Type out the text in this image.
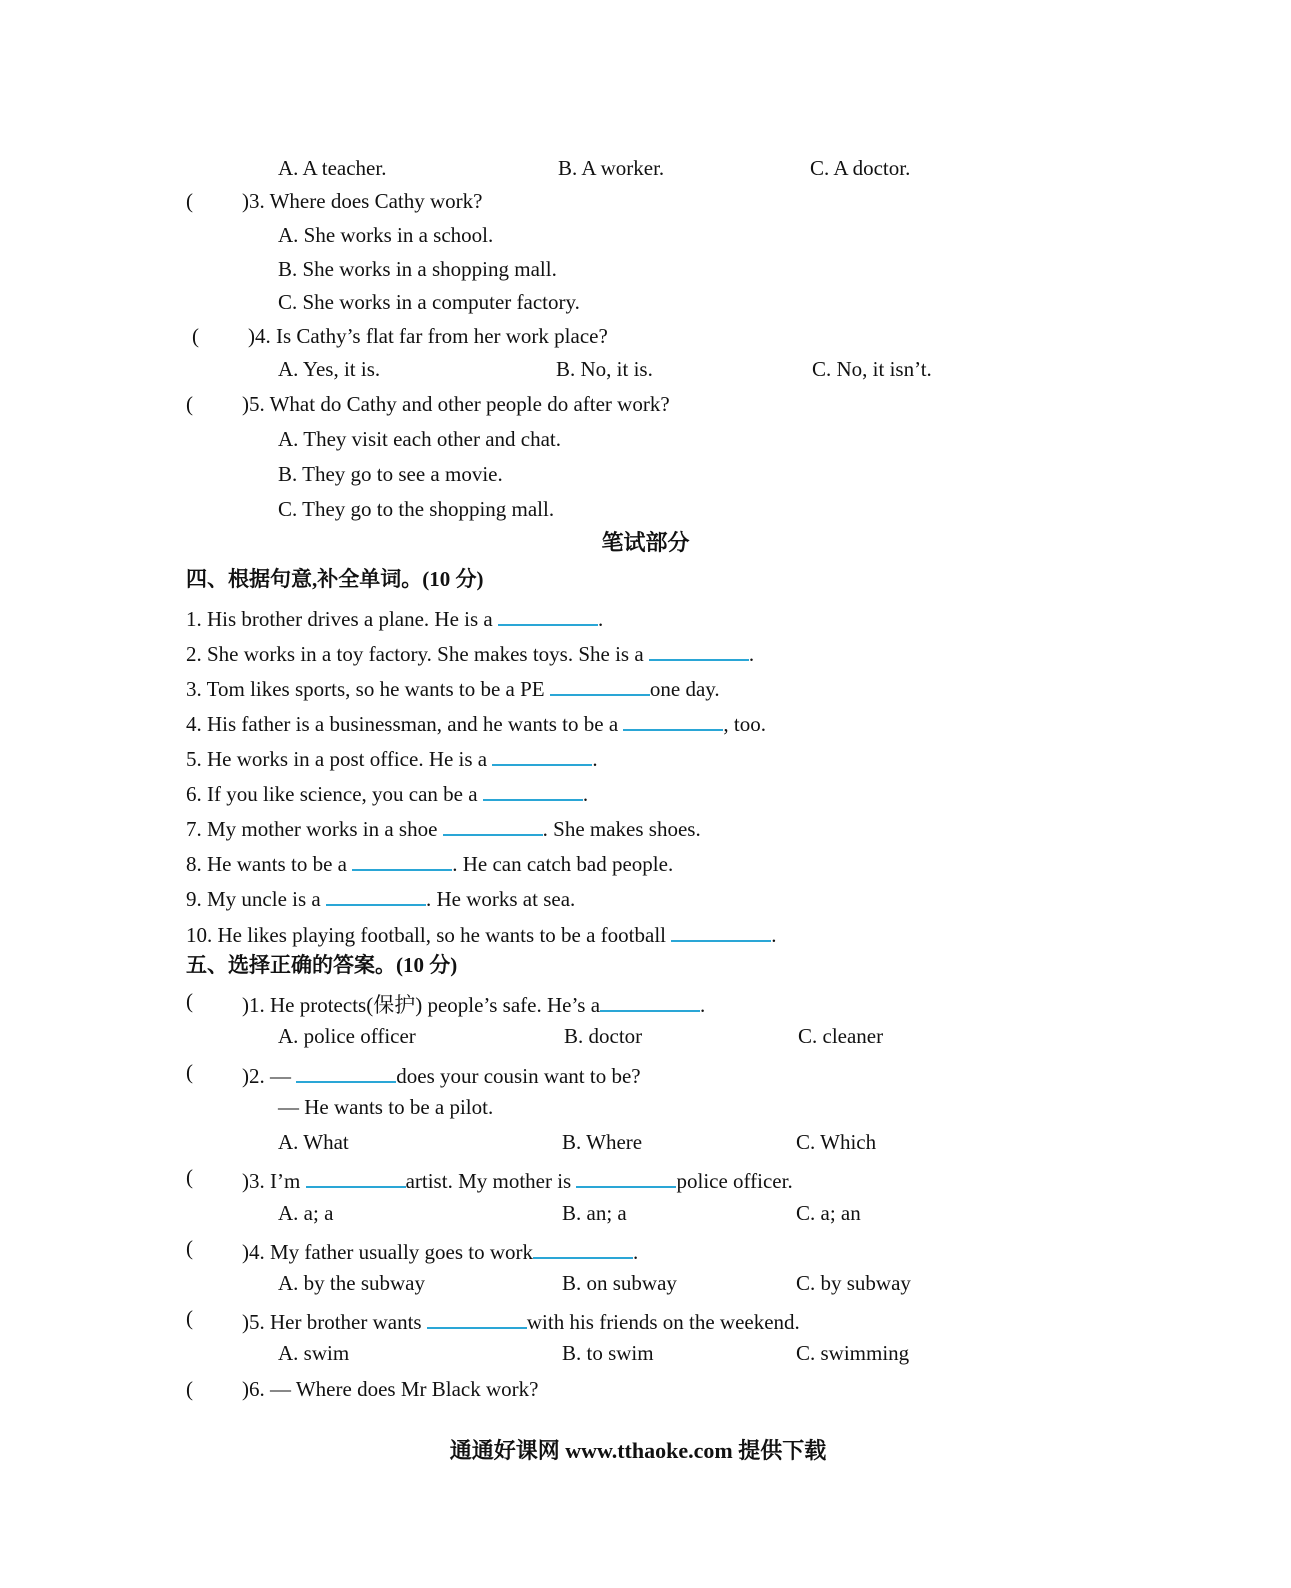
A. A teacher.	B. A worker.	C. A doctor.
( )3. Where does Cathy work?
A. She works in a school.
B. She works in a shopping mall.
C. She works in a computer factory.
( )4. Is Cathy’s flat far from her work place?
A. Yes, it is.	B. No, it is.	C. No, it isn’t.
( )5. What do Cathy and other people do after work?
A. They visit each other and chat.
B. They go to see a movie.
C. They go to the shopping mall.
笔试部分
四、根据句意,补全单词。(10 分)
1. His brother drives a plane. He is a	.
2. She works in a toy factory. She makes toys. She is a	.
3. Tom likes sports, so he wants to be a PE	one day.
4. His father is a businessman, and he wants to be a	, too.
5. He works in a post office. He is a	.
6. If you like science, you can be a	.
7. My mother works in a shoe	. She makes shoes.
8. He wants to be a	. He can catch bad people.
9. My uncle is a	. He works at sea.
10. He likes playing football, so he wants to be a football	.
五、选择正确的答案。(10 分)
( )1. He protects(保护) people’s safe. He’s a	.
A. police officer	B. doctor	C. cleaner
( )2. —	does your cousin want to be?
— He wants to be a pilot.
A. What	B. Where	C. Which
( )3. I’m	artist. My mother is	police officer.
A. a; a	B. an; a	C. a; an
( )4. My father usually goes to work	.
A. by the subway	B. on subway	C. by subway
( )5. Her brother wants	with his friends on the weekend.
A. swim	B. to swim	C. swimming
( )6. — Where does Mr Black work?
通通好课网 www.tthaoke.com 提供下载
